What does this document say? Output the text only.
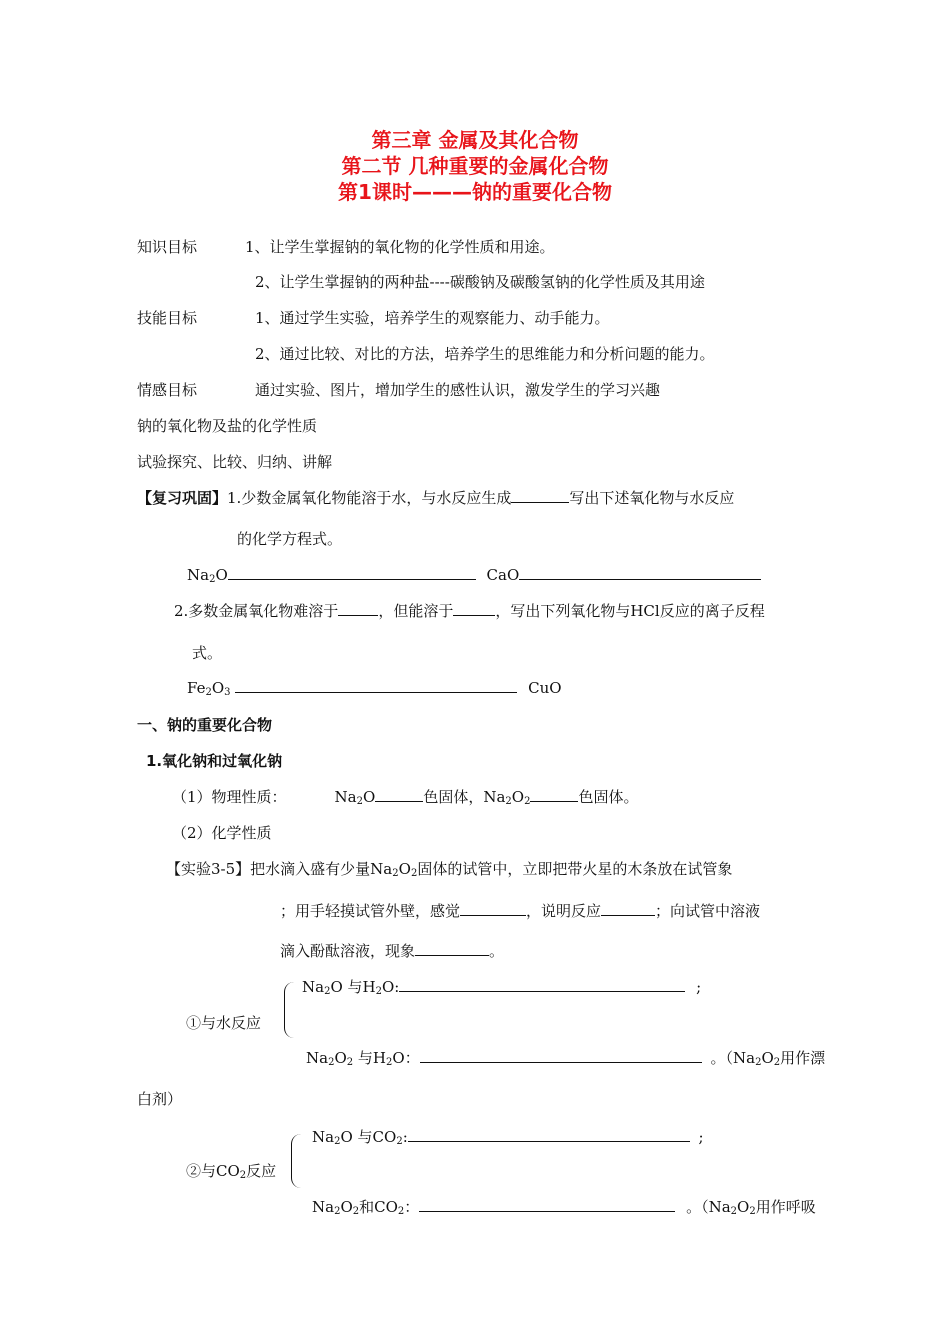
第三章 金属及其化合物
第二节 几种重要的金属化合物
第1课时———钠的重要化合物
知识目标	1、让学生掌握钠的氧化物的化学性质和用途。
2、让学生掌握钠的两种盐----碳酸钠及碳酸氢钠的化学性质及其用途
技能目标	1、通过学生实验，培养学生的观察能力、动手能力。
2、通过比较、对比的方法，培养学生的思维能力和分析问题的能力。
情感目标	通过实验、图片，增加学生的感性认识，激发学生的学习兴趣
钠的氧化物及盐的化学性质
试验探究、比较、归纳、讲解
【复习巩固】1.少数金属氧化物能溶于水，与水反应生成	写出下述氧化物与水反应
的化学方程式。
$Na_2O$	CaO
2.多数金属氧化物难溶于	，但能溶于	，写出下列氧化物与HCl反应的离子反程
式。
$Fe_2O_3$	CuO
一、钠的重要化合物
1.氧化钠和过氧化钠
（1）物理性质：	$Na_2O$	色固体，$Na_2O_2$	色固体。
（2）化学性质
【实验3-5】把水滴入盛有少量$Na_2O_2$固体的试管中，立即把带火星的木条放在试管象
；用手轻摸试管外壁，感觉	，说明反应	；向试管中溶液
滴入酚酞溶液，现象	。
$Na_2O$ 与$H_2O$:	;
①与水反应
$Na_2O_2$ 与$H_2O$：	。（$Na_2O_2$用作漂
白剂）
$Na_2O$ 与$CO_2$:	;
②与$CO_2$反应
$Na_2O_2$和$CO_2$：	。（$Na_2O_2$用作呼吸
